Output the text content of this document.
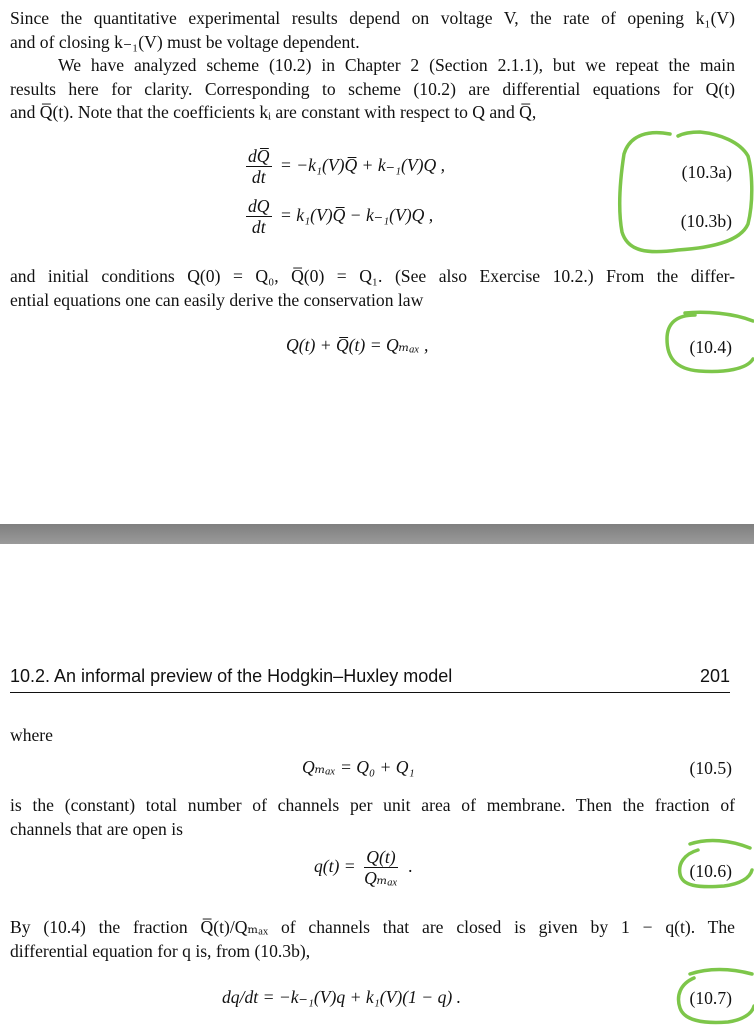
Since the quantitative experimental results depend on voltage V, the rate of opening k₁(V)
and of closing k₋₁(V) must be voltage dependent.

We have analyzed scheme (10.2) in Chapter 2 (Section 2.1.1), but we repeat the main
results here for clarity. Corresponding to scheme (10.2) are differential equations for Q(t)
and Q̅(t). Note that the coefficients kᵢ are constant with respect to Q and Q̅,

$\frac{dQ̅}{dt}$ = −k₁(V)Q̅ + k₋₁(V)Q ,	(10.3a)
$\frac{dQ}{dt}$ = k₁(V)Q̅ − k₋₁(V)Q ,	(10.3b)

and initial conditions Q(0) = Q₀, Q̅(0) = Q₁. (See also Exercise 10.2.) From the differ-
ential equations one can easily derive the conservation law

Q(t) + Q̅(t) = Qₘₐₓ ,	(10.4)
10.2. An informal preview of the Hodgkin–Huxley model	201
where
Qₘₐₓ = Q₀ + Q₁	(10.5)

is the (constant) total number of channels per unit area of membrane. Then the fraction of
channels that are open is

$q(t) = \frac{Q(t)}{\text{Qₘₐₓ}}$ .	(10.6)

By (10.4) the fraction Q̅(t)/Qₘₐₓ of channels that are closed is given by 1 − q(t). The
differential equation for q is, from (10.3b),

dq/dt = −k₋₁(V)q + k₁(V)(1 − q) .	(10.7)
